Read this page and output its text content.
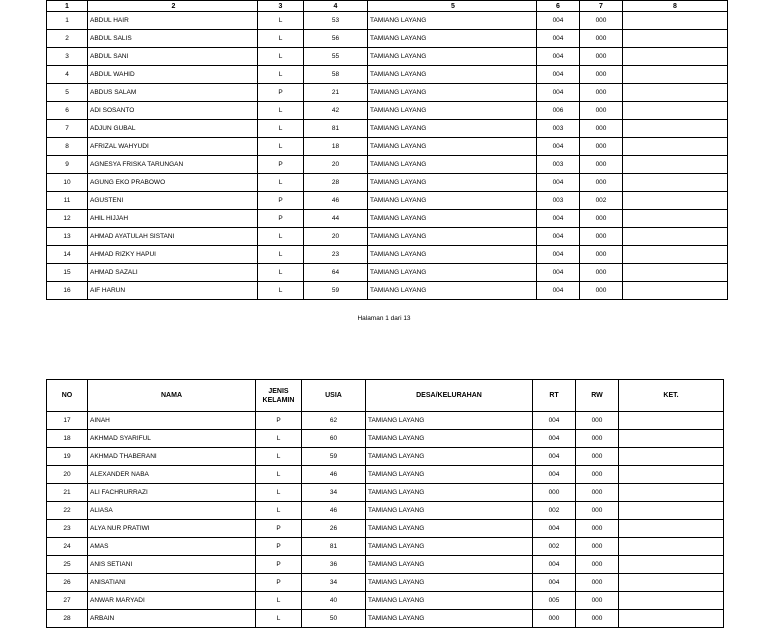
1	2	3	4	5	6	7	8
1	ABDUL HAIR	L	53	TAMIANG LAYANG	004	000	
2	ABDUL SALIS	L	56	TAMIANG LAYANG	004	000	
3	ABDUL SANI	L	55	TAMIANG LAYANG	004	000	
4	ABDUL WAHID	L	58	TAMIANG LAYANG	004	000	
5	ABDUS SALAM	P	21	TAMIANG LAYANG	004	000	
6	ADI SOSANTO	L	42	TAMIANG LAYANG	006	000	
7	ADJUN GUBAL	L	81	TAMIANG LAYANG	003	000	
8	AFRIZAL WAHYUDI	L	18	TAMIANG LAYANG	004	000	
9	AGNESYA FRISKA TARUNGAN	P	20	TAMIANG LAYANG	003	000	
10	AGUNG EKO PRABOWO	L	28	TAMIANG LAYANG	004	000	
11	AGUSTENI	P	46	TAMIANG LAYANG	003	002	
12	AHIL HIJJAH	P	44	TAMIANG LAYANG	004	000	
13	AHMAD AYATULAH SISTANI	L	20	TAMIANG LAYANG	004	000	
14	AHMAD RIZKY HAPUI	L	23	TAMIANG LAYANG	004	000	
15	AHMAD SAZALI	L	64	TAMIANG LAYANG	004	000	
16	AIF HARUN	L	59	TAMIANG LAYANG	004	000	
Halaman 1 dari 13
NO	NAMA	JENIS KELAMIN	USIA	DESA/KELURAHAN	RT	RW	KET.
17	AINAH	P	62	TAMIANG LAYANG	004	000	
18	AKHMAD SYARIFUL	L	60	TAMIANG LAYANG	004	000	
19	AKHMAD THABERANI	L	59	TAMIANG LAYANG	004	000	
20	ALEXANDER NABA	L	46	TAMIANG LAYANG	004	000	
21	ALI FACHRURRAZI	L	34	TAMIANG LAYANG	000	000	
22	ALIASA	L	46	TAMIANG LAYANG	002	000	
23	ALYA NUR PRATIWI	P	26	TAMIANG LAYANG	004	000	
24	AMAS	P	81	TAMIANG LAYANG	002	000	
25	ANIS SETIANI	P	36	TAMIANG LAYANG	004	000	
26	ANISATIANI	P	34	TAMIANG LAYANG	004	000	
27	ANWAR MARYADI	L	40	TAMIANG LAYANG	005	000	
28	ARBAIN	L	50	TAMIANG LAYANG	000	000	
